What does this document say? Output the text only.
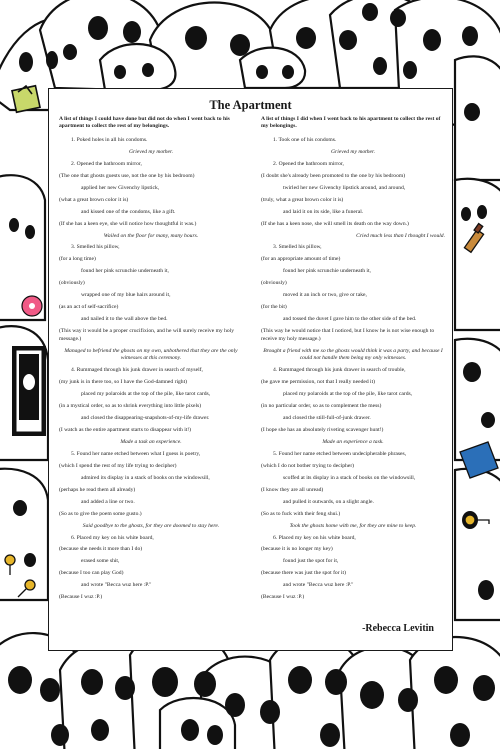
The Apartment
A list of things I could have done but did not do when I went back to his apartment to collect the rest of my belongings.
1. Poked holes in all his condoms.
Grieved my mother.
2. Opened the bathroom mirror,
(The one that ghosts guests use, not the one by his bedroom)
applied her new Givenchy lipstick,
(what a great brown color it is)
and kissed one of the condoms, like a gift.
(If she has a keen eye, she will notice how thoughtful it was.)
Wailed on the floor for many, many hours.
3. Smelled his pillow,
(for a long time)
found her pink scrunchie underneath it,
(obviously)
wrapped one of my blue hairs around it,
(as an act of self-sacrifice)
and nailed it to the wall above the bed.
(This way it would be a proper crucifixion, and he will surely receive my holy message.)
Managed to befriend the ghosts on my own, unbothered that they are the only witnesses at this ceremony.
4. Rummaged through his junk drawer in search of myself,
(my junk is in there too, so I have the God-damned right)
placed my polaroids at the top of the pile, like tarot cards,
(in a mystical order, so as to shrink everything into little pixels)
and closed the disappearing-snapshots-of-my-life drawer.
(I watch as the entire apartment starts to disappear with it!)
Made a task an experience.
5. Found her name etched between what I guess is poetry,
(which I spend the rest of my life trying to decipher)
admired its display in a stack of books on the windowsill,
(perhaps he read them all already)
and added a line or two.
(So as to give the poem some gusto.)
Said goodbye to the ghosts, for they are doomed to stay here.
6. Placed my key on his white board,
(because she needs it more than I do)
erased some shit,
(because I too can play God)
and wrote "Becca wuz here :P."
(Because I wuz :P.)
A list of things I did when I went back to his apartment to collect the rest of my belongings.
1. Took one of his condoms.
Grieved my mother.
2. Opened the bathroom mirror,
(I doubt she's already been promoted to the one by his bedroom)
twirled her new Givenchy lipstick around, and around,
(truly, what a great brown color it is)
and laid it on its side, like a funeral.
(If she has a keen nose, she will smell its death on the way down.)
Cried much less than I thought I would.
3. Smelled his pillow,
(for an appropriate amount of time)
found her pink scrunchie underneath it,
(obviously)
moved it an inch or two, give or take,
(for the bit)
and tossed the duvet I gave him to the other side of the bed.
(This way he would notice that I noticed, but I know he is not wise enough to receive my holy message.)
Brought a friend with me so the ghosts would think it was a party, and because I could not handle them being my only witnesses.
4. Rummaged through his junk drawer in search of trouble,
(he gave me permission, not that I really needed it)
placed my polaroids at the top of the pile, like tarot cards,
(in no particular order, so as to complement the mess)
and closed the still-full-of-junk drawer.
(I hope she has an absolutely riveting scavenger hunt!)
Made an experience a task.
5. Found her name etched between undecipherable phrases,
(which I do not bother trying to decipher)
scoffed at its display in a stack of books on the windowsill,
(I know they are all unread)
and pulled it outwards, on a slight angle.
(So as to fuck with their feng shui.)
Took the ghosts home with me, for they are mine to keep.
6. Placed my key on his white board,
(because it is no longer my key)
found just the spot for it,
(because there was just the spot for it)
and wrote "Becca wuz here :P."
(Because I wuz :P.)
-Rebecca Levitin
